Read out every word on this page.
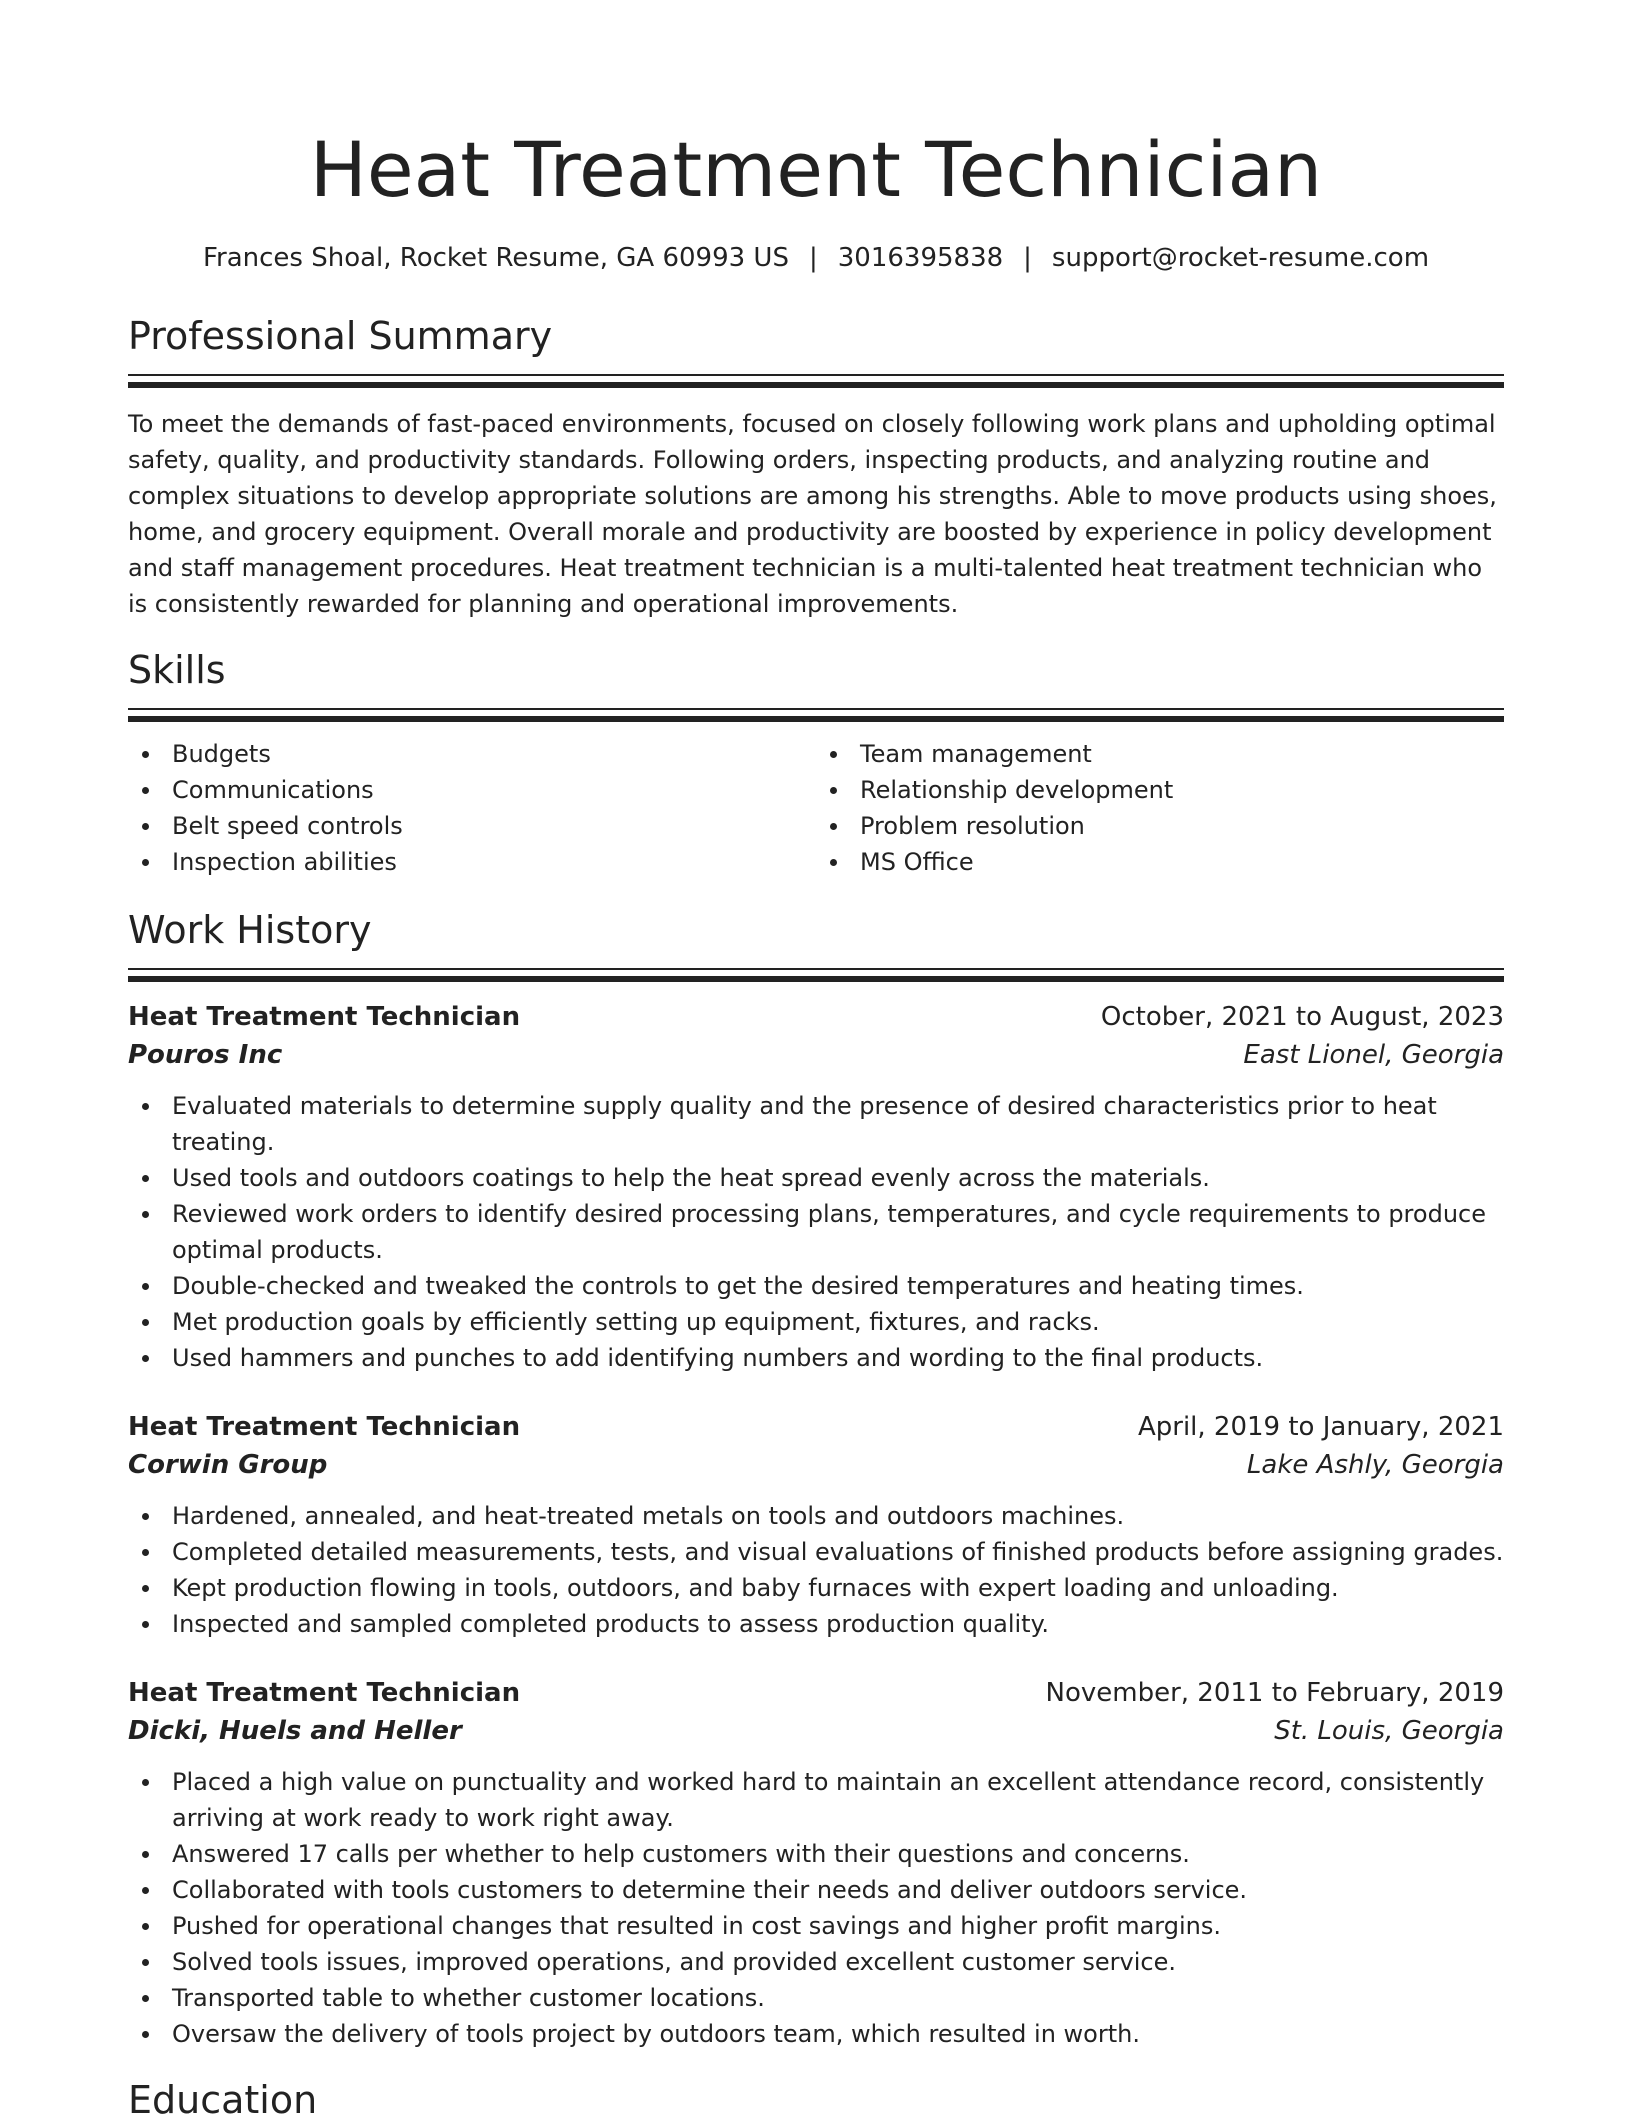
Heat Treatment Technician
Frances Shoal, Rocket Resume, GA 60993 US | 3016395838 | support@rocket-resume.com
Professional Summary

To meet the demands of fast-paced environments, focused on closely following work plans and upholding optimal safety, quality, and productivity standards. Following orders, inspecting products, and analyzing routine and complex situations to develop appropriate solutions are among his strengths. Able to move products using shoes, home, and grocery equipment. Overall morale and productivity are boosted by experience in policy development and staff management procedures. Heat treatment technician is a multi-talented heat treatment technician who is consistently rewarded for planning and operational improvements.

Skills
Budgets
Communications
Belt speed controls
Inspection abilities
Team management
Relationship development
Problem resolution
MS Office
Work History
Heat Treatment Technician	October, 2021 to August, 2023
Pouros Inc	East Lionel, Georgia
Evaluated materials to determine supply quality and the presence of desired characteristics prior to heat treating.
Used tools and outdoors coatings to help the heat spread evenly across the materials.
Reviewed work orders to identify desired processing plans, temperatures, and cycle requirements to produce optimal products.
Double-checked and tweaked the controls to get the desired temperatures and heating times.
Met production goals by efficiently setting up equipment, fixtures, and racks.
Used hammers and punches to add identifying numbers and wording to the final products.
Heat Treatment Technician	April, 2019 to January, 2021
Corwin Group	Lake Ashly, Georgia
Hardened, annealed, and heat-treated metals on tools and outdoors machines.
Completed detailed measurements, tests, and visual evaluations of finished products before assigning grades.
Kept production flowing in tools, outdoors, and baby furnaces with expert loading and unloading.
Inspected and sampled completed products to assess production quality.
Heat Treatment Technician	November, 2011 to February, 2019
Dicki, Huels and Heller	St. Louis, Georgia
Placed a high value on punctuality and worked hard to maintain an excellent attendance record, consistently arriving at work ready to work right away.
Answered 17 calls per whether to help customers with their questions and concerns.
Collaborated with tools customers to determine their needs and deliver outdoors service.
Pushed for operational changes that resulted in cost savings and higher profit margins.
Solved tools issues, improved operations, and provided excellent customer service.
Transported table to whether customer locations.
Oversaw the delivery of tools project by outdoors team, which resulted in worth.
Education
